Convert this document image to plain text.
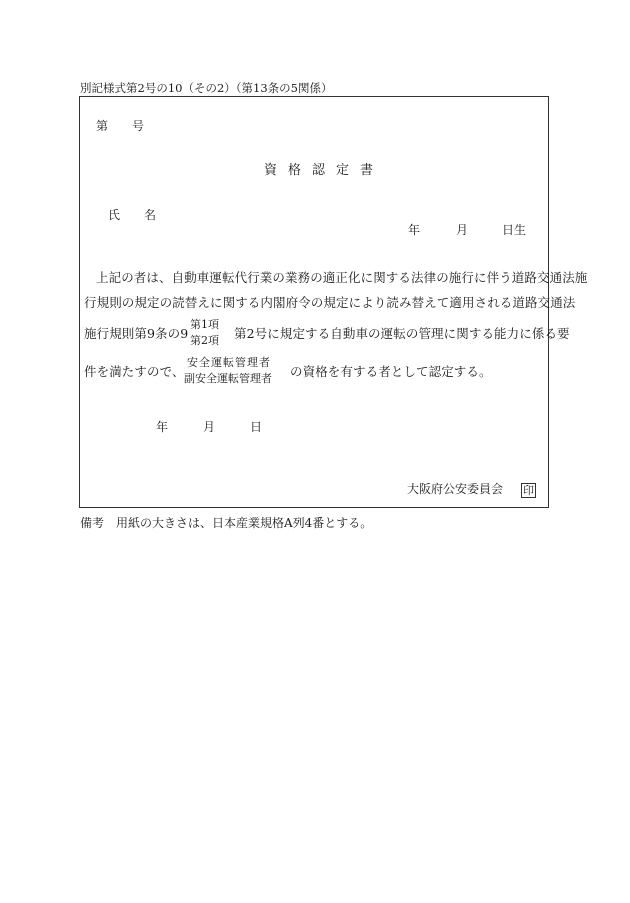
別記様式第2号の10（その2）（第13条の5関係）
第 号
資格認定書
氏 名
年	月	日生
上記の者は、自動車運転代行業の業務の適正化に関する法律の施行に伴う道路交通法施
行規則の規定の読替えに関する内閣府令の規定により読み替えて適用される道路交通法
施行規則第9条の9
第1項
第2項 第2号に規定する自動車の運転の管理に関する能力に係る要
件を満たすので、
安全運転管理者
副安全運転管理者 の資格を有する者として認定する。
年	月	日
大阪府公安委員会 印
備考　用紙の大きさは、日本産業規格A列4番とする。
